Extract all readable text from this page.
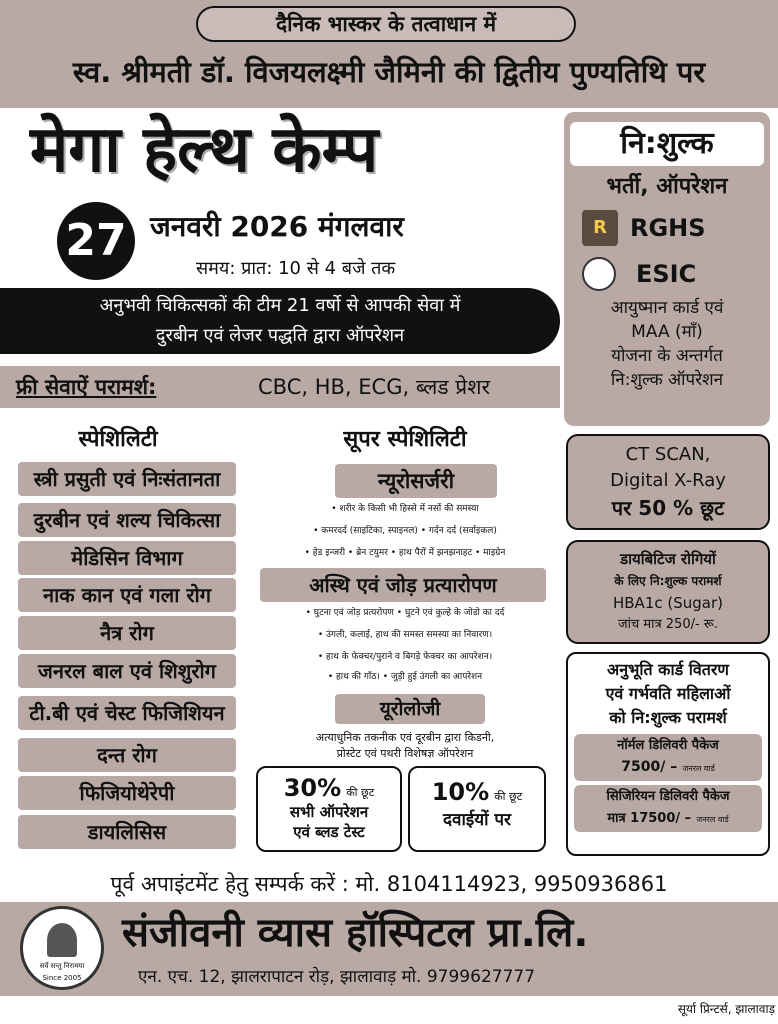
दैनिक भास्कर के तत्वाधान में
स्व. श्रीमती डॉ. विजयलक्ष्मी जैमिनी की द्वितीय पुण्यतिथि पर
मेगा हेल्थ केम्प
27 जनवरी 2026 मंगलवार
समय: प्रात: 10 से 4 बजे तक
अनुभवी चिकित्सकों की टीम 21 वर्षो से आपकी सेवा में
दुरबीन एवं लेजर पद्धति द्वारा ऑपरेशन
नि:शुल्क
भर्ती, ऑपरेशन
R RGHS
ESIC
आयुष्मान कार्ड एवं
MAA (माँ)
योजना के अन्तर्गत
नि:शुल्क ऑपरेशन
फ्री सेवाऐं परामर्श:	CBC, HB, ECG, ब्लड प्रेशर
स्पेशिलिटी
स्त्री प्रसुती एवं निःसंतानता
दुरबीन एवं शल्य चिकित्सा
मेडिसिन विभाग
नाक कान एवं गला रोग
नैत्र रोग
जनरल बाल एवं शिशुरोग
टी.बी एवं चेस्ट फिजिशियन
दन्त रोग
फिजियोथेरेपी
डायलिसिस
सूपर स्पेशिलिटी
न्यूरोसर्जरी
• शरीर के किसी भी हिस्से में नसों की समस्या
• कमरदर्द (साइटिका, स्पाइनल) • गर्दन दर्द (सर्वाइकल)
• हेड इन्जरी • ब्रेन टयुमर • हाथ पैरों में झनझनाहट • माइग्रेन
अस्थि एवं जोड़ प्रत्यारोपण
• घुटना एवं जोड़ प्रत्यरोपण • घुटने एवं कुल्हे के जोडो का दर्द
• उंगली, कलाई, हाथ की समस्त समस्या का निवारण।
• हाथ के फेक्चर/पुराने व बिगड़े फेक्चर का आपरेशन।
• हाथ की गाँठ। • जुड़ी हुई उंगली का आपरेशन
यूरोलोजी
अत्याधुनिक तकनीक एवं दूरबीन द्वारा किडनी,
प्रोस्टेट एवं पथरी विशेषज्ञ ऑपरेशन
30% की छूट
सभी ऑपरेशन
एवं ब्लड टेस्ट
10% की छूट
दवाईयों पर
CT SCAN,
Digital X-Ray
पर 50 % छूट
डायबिटिज रोगियों
के लिए नि:शुल्क परामर्श
HBA1c (Sugar)
जांच मात्र 250/- रू.
अनुभूति कार्ड वितरण
एवं गर्भवति महिलाओं
को नि:शुल्क परामर्श
नॉर्मल डिलिवरी पैकेज
7500/ – जनरल वार्ड
सिजिरियन डिलिवरी पैकेज
मात्र 17500/ – जनरल वार्ड
पूर्व अपाइंटमेंट हेतु सम्पर्क करें : मो. 8104114923, 9950936861
सर्वे सन्तु निरामया
Since 2005
संजीवनी व्यास हॉस्पिटल प्रा.लि.
एन. एच. 12, झालरापाटन रोड़, झालावाड़ मो. 9799627777
सूर्या प्रिन्टर्स, झालावाड़
